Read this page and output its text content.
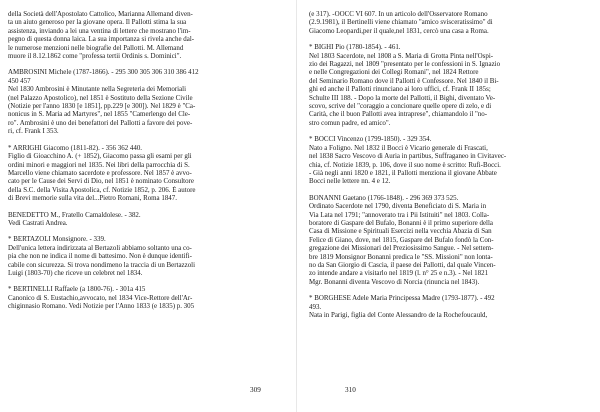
della Società dell'Apostolato Cattolico, Marianna Allemand diven-
ta un aiuto generoso per la giovane opera. Il Pallotti stima la sua
assistenza, inviando a lei una ventina di lettere che mostrano l'im-
pegno di questa donna laica. La sua importanza si rivela anche dal-
le numerose menzioni nelle biografie del Pallotti. M. Allemand
muore il 8.12.1862 come "professa tertii Ordinis s. Dominici".
AMBROSINI Michele (1787-1866). - 295 300 305 306 310 386 412
450 457
Nel 1830 Ambrosini è Minutante nella Segreteria dei Memoriali
(nel Palazzo Apostolico), nel 1851 è Sostituto della Sezione Civile
(Notizie per l'anno 1830 [e 1851], pp.229 [e 300]). Nel 1829 è "Ca-
nonicus in S. Maria ad Martyres", nel 1855 "Camerlengo del Cle-
ro". Ambrosini è uno dei benefattori del Pallotti a favore dei pove-
ri, cf. Frank I 353.
* ARRIGHI Giacomo (1811-82). - 356 362 440.
Figlio di Gioacchino A. (+ 1852), Giacomo passa gli esami per gli
ordini minori e maggiori nel 1835. Nei libri della parrocchia di S.
Marcello viene chiamato sacerdote e professore. Nel 1857 è avvo-
cato per le Cause dei Servi di Dio, nel 1851 è nominato Consultore
della S.C. della Visita Apostolica, cf. Notizie 1852, p. 206. È autore
di Brevi memorie sulla vita del...Pietro Romani, Roma 1847.
BENEDETTO M., Fratello Camaldolese. - 382.
Vedi Castrati Andrea.
* BERTAZOLI Monsignore. - 339.
Dell'unica lettera indirizzata al Bertazoli abbiamo soltanto una co-
pia che non ne indica il nome di battesimo. Non è dunque identifi-
cabile con sicurezza. Si trova nondimeno la traccia di un Bertazzoli
Luigi (1803-70) che riceve un celebret nel 1834.
* BERTINELLI Raffaele (a 1800-76). - 301a 415
Canonico di S. Eustachio,avvocato, nel 1834 Vice-Rettore dell'Ar-
chiginnasio Romano. Vedi Notizie per l'Anno 1833 (e 1835) p. 305
(e 317). -OOCC VI 607. In un articolo dell'Osservatore Romano
(2.9.1981), il Bertinelli viene chiamato "amico svisceratissimo" di
Giacomo Leopardi,per il quale,nel 1831, cercò una casa a Roma.
* BIGHI Pio (1780-1854). - 461.
Nel 1803 Sacerdote, nel 1808 a S. Maria di Grotta Pinta nell'Ospi-
zio dei Ragazzi, nel 1809 "presentato per le confessioni in S. Ignazio
e nelle Congregazioni dei Collegi Romani", nel 1824 Rettore
del Seminario Romano dove il Pallotti è Confessore. Nel 1840 il Bi-
ghi ed anche il Pallotti rinunciano ai loro uffici, cf. Frank II 185s;
Schulte III 188. - Dopo la morte del Pallotti, il Bighi, diventato Ve-
scovo, scrive del "coraggio a concionare quelle opere di zelo, e di
Carità, che il buon Pallotti avea intraprese", chiamandolo il "no-
stro comun padre, ed amico".
* BOCCI Vincenzo (1799-1850). - 329 354.
Nato a Foligno. Nel 1832 il Bocci è Vicario generale di Frascati,
nel 1838 Sacro Vescovo di Auria in partibus, Suffraganeo in Civitavec-
chia, cf. Notizie 1839, p. 106, dove il suo nome è scritto: Rufi-Bocci.
- Già negli anni 1820 e 1821, il Pallotti menziona il giovane Abbate
Bocci nelle lettere nn. 4 e 12.
BONANNI Gaetano (1766-1848). - 296 369 373 525.
Ordinato Sacerdote nel 1790, diventa Beneficiato di S. Maria in
Via Lata nel 1791; "annoverato tra i Pii Istituiti" nel 1803. Colla-
boratore di Gaspare del Bufalo, Bonanni è il primo superiore della
Casa di Missione e Spirituali Esercizi nella vecchia Abazia di San
Felice di Giano, dove, nel 1815, Gaspare del Bufalo fondò la Con-
gregazione dei Missionari del Preziosissimo Sangue. - Nel settem-
bre 1819 Monsignor Bonanni predica le "SS. Missioni" non lonta-
no da San Giorgio di Cascia, il paese dei Pallotti, dal quale Vincen-
zo intende andare a visitarlo nel 1819 (l. n° 25 e n.3). - Nel 1821
Mgr. Bonanni diventa Vescovo di Norcia (rinuncia nel 1843).
* BORGHESE Adele Maria Principessa Madre (1793-1877). - 492
493.
Nata in Parigi, figlia del Conte Alessandro de la Rochefoucauld,
309	310
